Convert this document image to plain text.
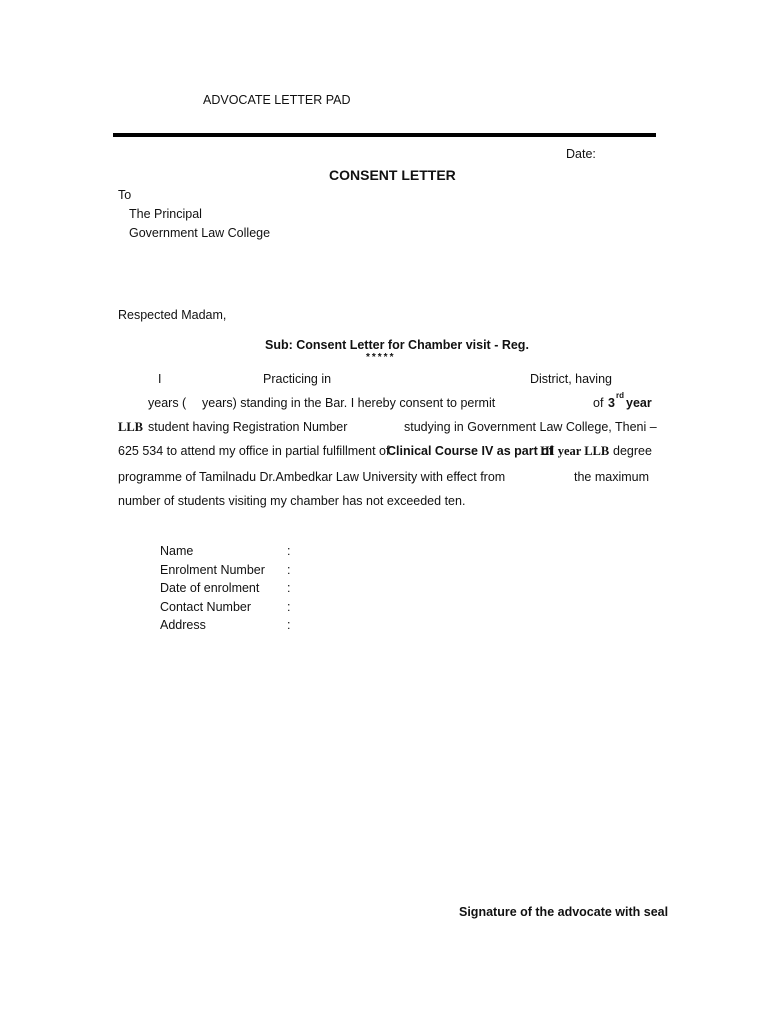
ADVOCATE LETTER PAD
Date:
CONSENT LETTER
To
The Principal
Government Law College
Respected Madam,
Sub: Consent Letter for Chamber visit - Reg.
*****
I	Practicing in	District, having
years ( years) standing in the Bar. I hereby consent to permit	of 3
rd
year
LLB student having Registration Number	studying in Government Law College, Theni –
625 534 to attend my office in partial fulfillment of
Clinical Course IV as part of
III year LLB degree
programme of Tamilnadu Dr.Ambedkar Law University with effect from	the maximum
number of students visiting my chamber has not exceeded ten.
Name	:
Enrolment Number :
Date of enrolment :
Contact Number	:
Address	:
Signature of the advocate with seal
